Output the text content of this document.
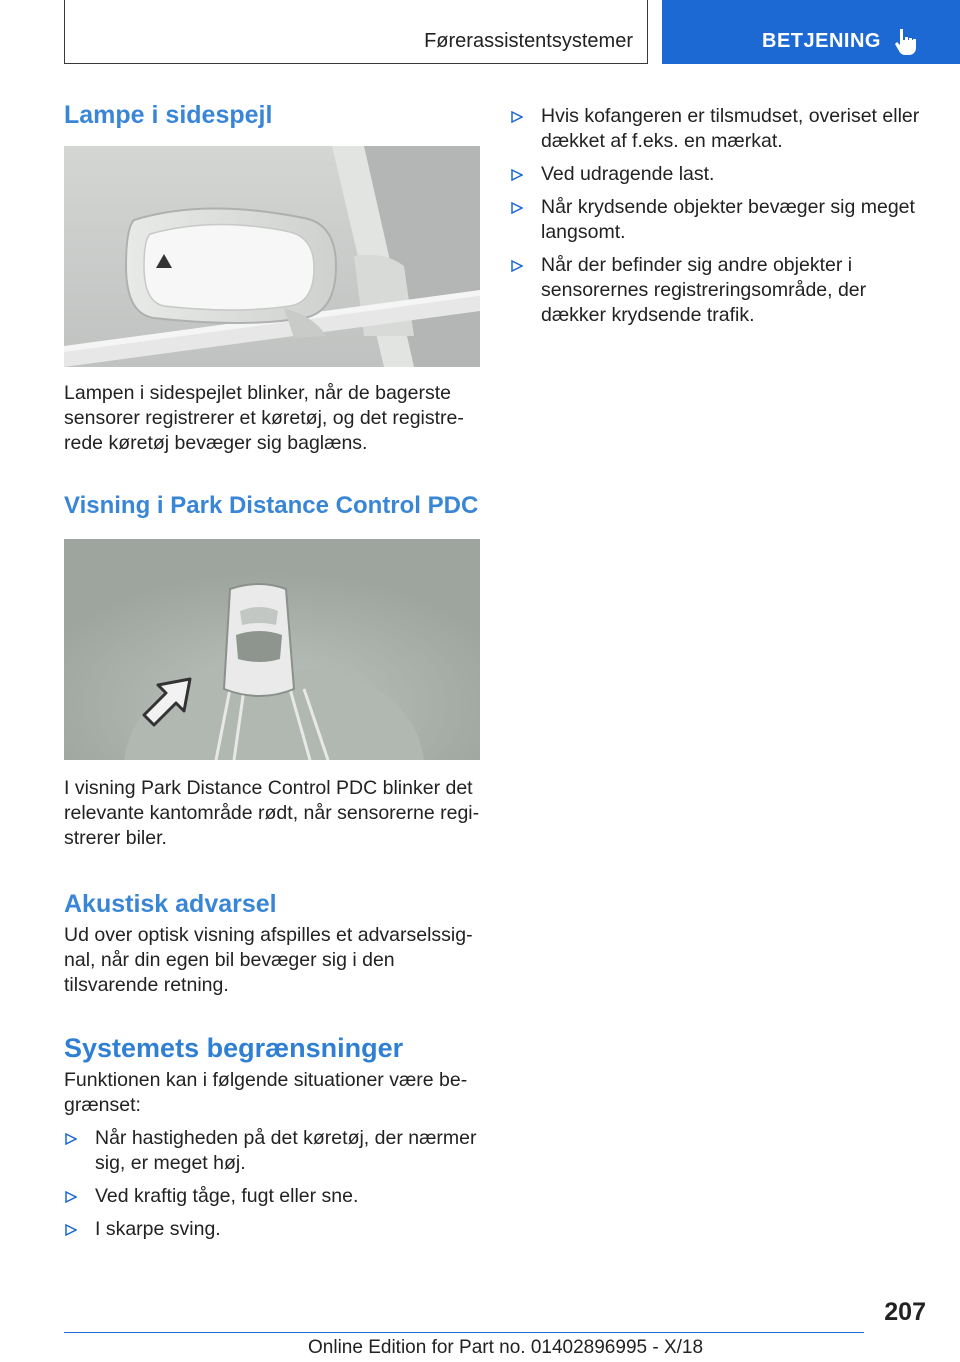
Førerassistentsystemer	BETJENING
Lampe i sidespejl

Lampen i sidespejlet blinker, når de bagerste sensorer registrerer et køretøj, og det registrerede køretøj bevæger sig baglæns.

Visning i Park Distance Control PDC

I visning Park Distance Control PDC blinker det relevante kantområde rødt, når sensorerne registrerer biler.

Akustisk advarsel

Ud over optisk visning afspilles et advarselssignal, når din egen bil bevæger sig i den tilsvarende retning.

Systemets begrænsninger

Funktionen kan i følgende situationer være begrænset:

Når hastigheden på det køretøj, der nærmer sig, er meget høj.
Ved kraftig tåge, fugt eller sne.
I skarpe sving.
Hvis kofangeren er tilsmudset, overiset eller dækket af f.eks. en mærkat.
Ved udragende last.
Når krydsende objekter bevæger sig meget langsomt.
Når der befinder sig andre objekter i sensorernes registreringsområde, der dækker krydsende trafik.
207
Online Edition for Part no. 01402896995 - X/18
